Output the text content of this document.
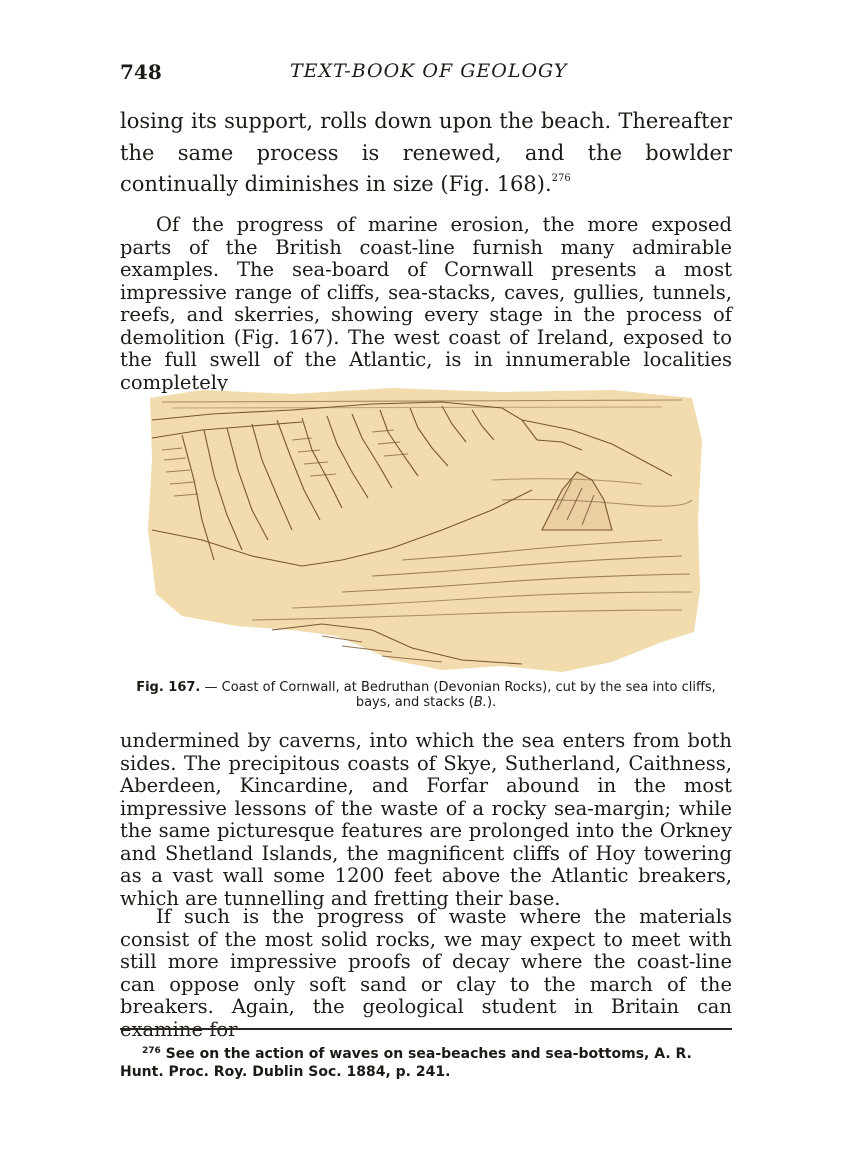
748	TEXT-BOOK OF GEOLOGY

losing its support, rolls down upon the beach. Thereafter the same process is renewed, and the bowlder continually diminishes in size (Fig. 168).$^{276}$

Of the progress of marine erosion, the more exposed parts of the British coast-line furnish many admirable examples. The sea-board of Cornwall presents a most impressive range of cliffs, sea-stacks, caves, gullies, tunnels, reefs, and skerries, showing every stage in the process of demolition (Fig. 167). The west coast of Ireland, exposed to the full swell of the Atlantic, is in innumerable localities completely

Fig. 167. — Coast of Cornwall, at Bedruthan (Devonian Rocks), cut by the sea into cliffs, bays, and stacks (B.).

undermined by caverns, into which the sea enters from both sides. The precipitous coasts of Skye, Sutherland, Caithness, Aberdeen, Kincardine, and Forfar abound in the most impressive lessons of the waste of a rocky sea-margin; while the same picturesque features are prolonged into the Orkney and Shetland Islands, the magnificent cliffs of Hoy towering as a vast wall some 1200 feet above the Atlantic breakers, which are tunnelling and fretting their base.

If such is the progress of waste where the materials consist of the most solid rocks, we may expect to meet with still more impressive proofs of decay where the coast-line can oppose only soft sand or clay to the march of the breakers. Again, the geological student in Britain can examine for

$^{276}$ See on the action of waves on sea-beaches and sea-bottoms, A. R. Hunt. Proc. Roy. Dublin Soc. 1884, p. 241.
